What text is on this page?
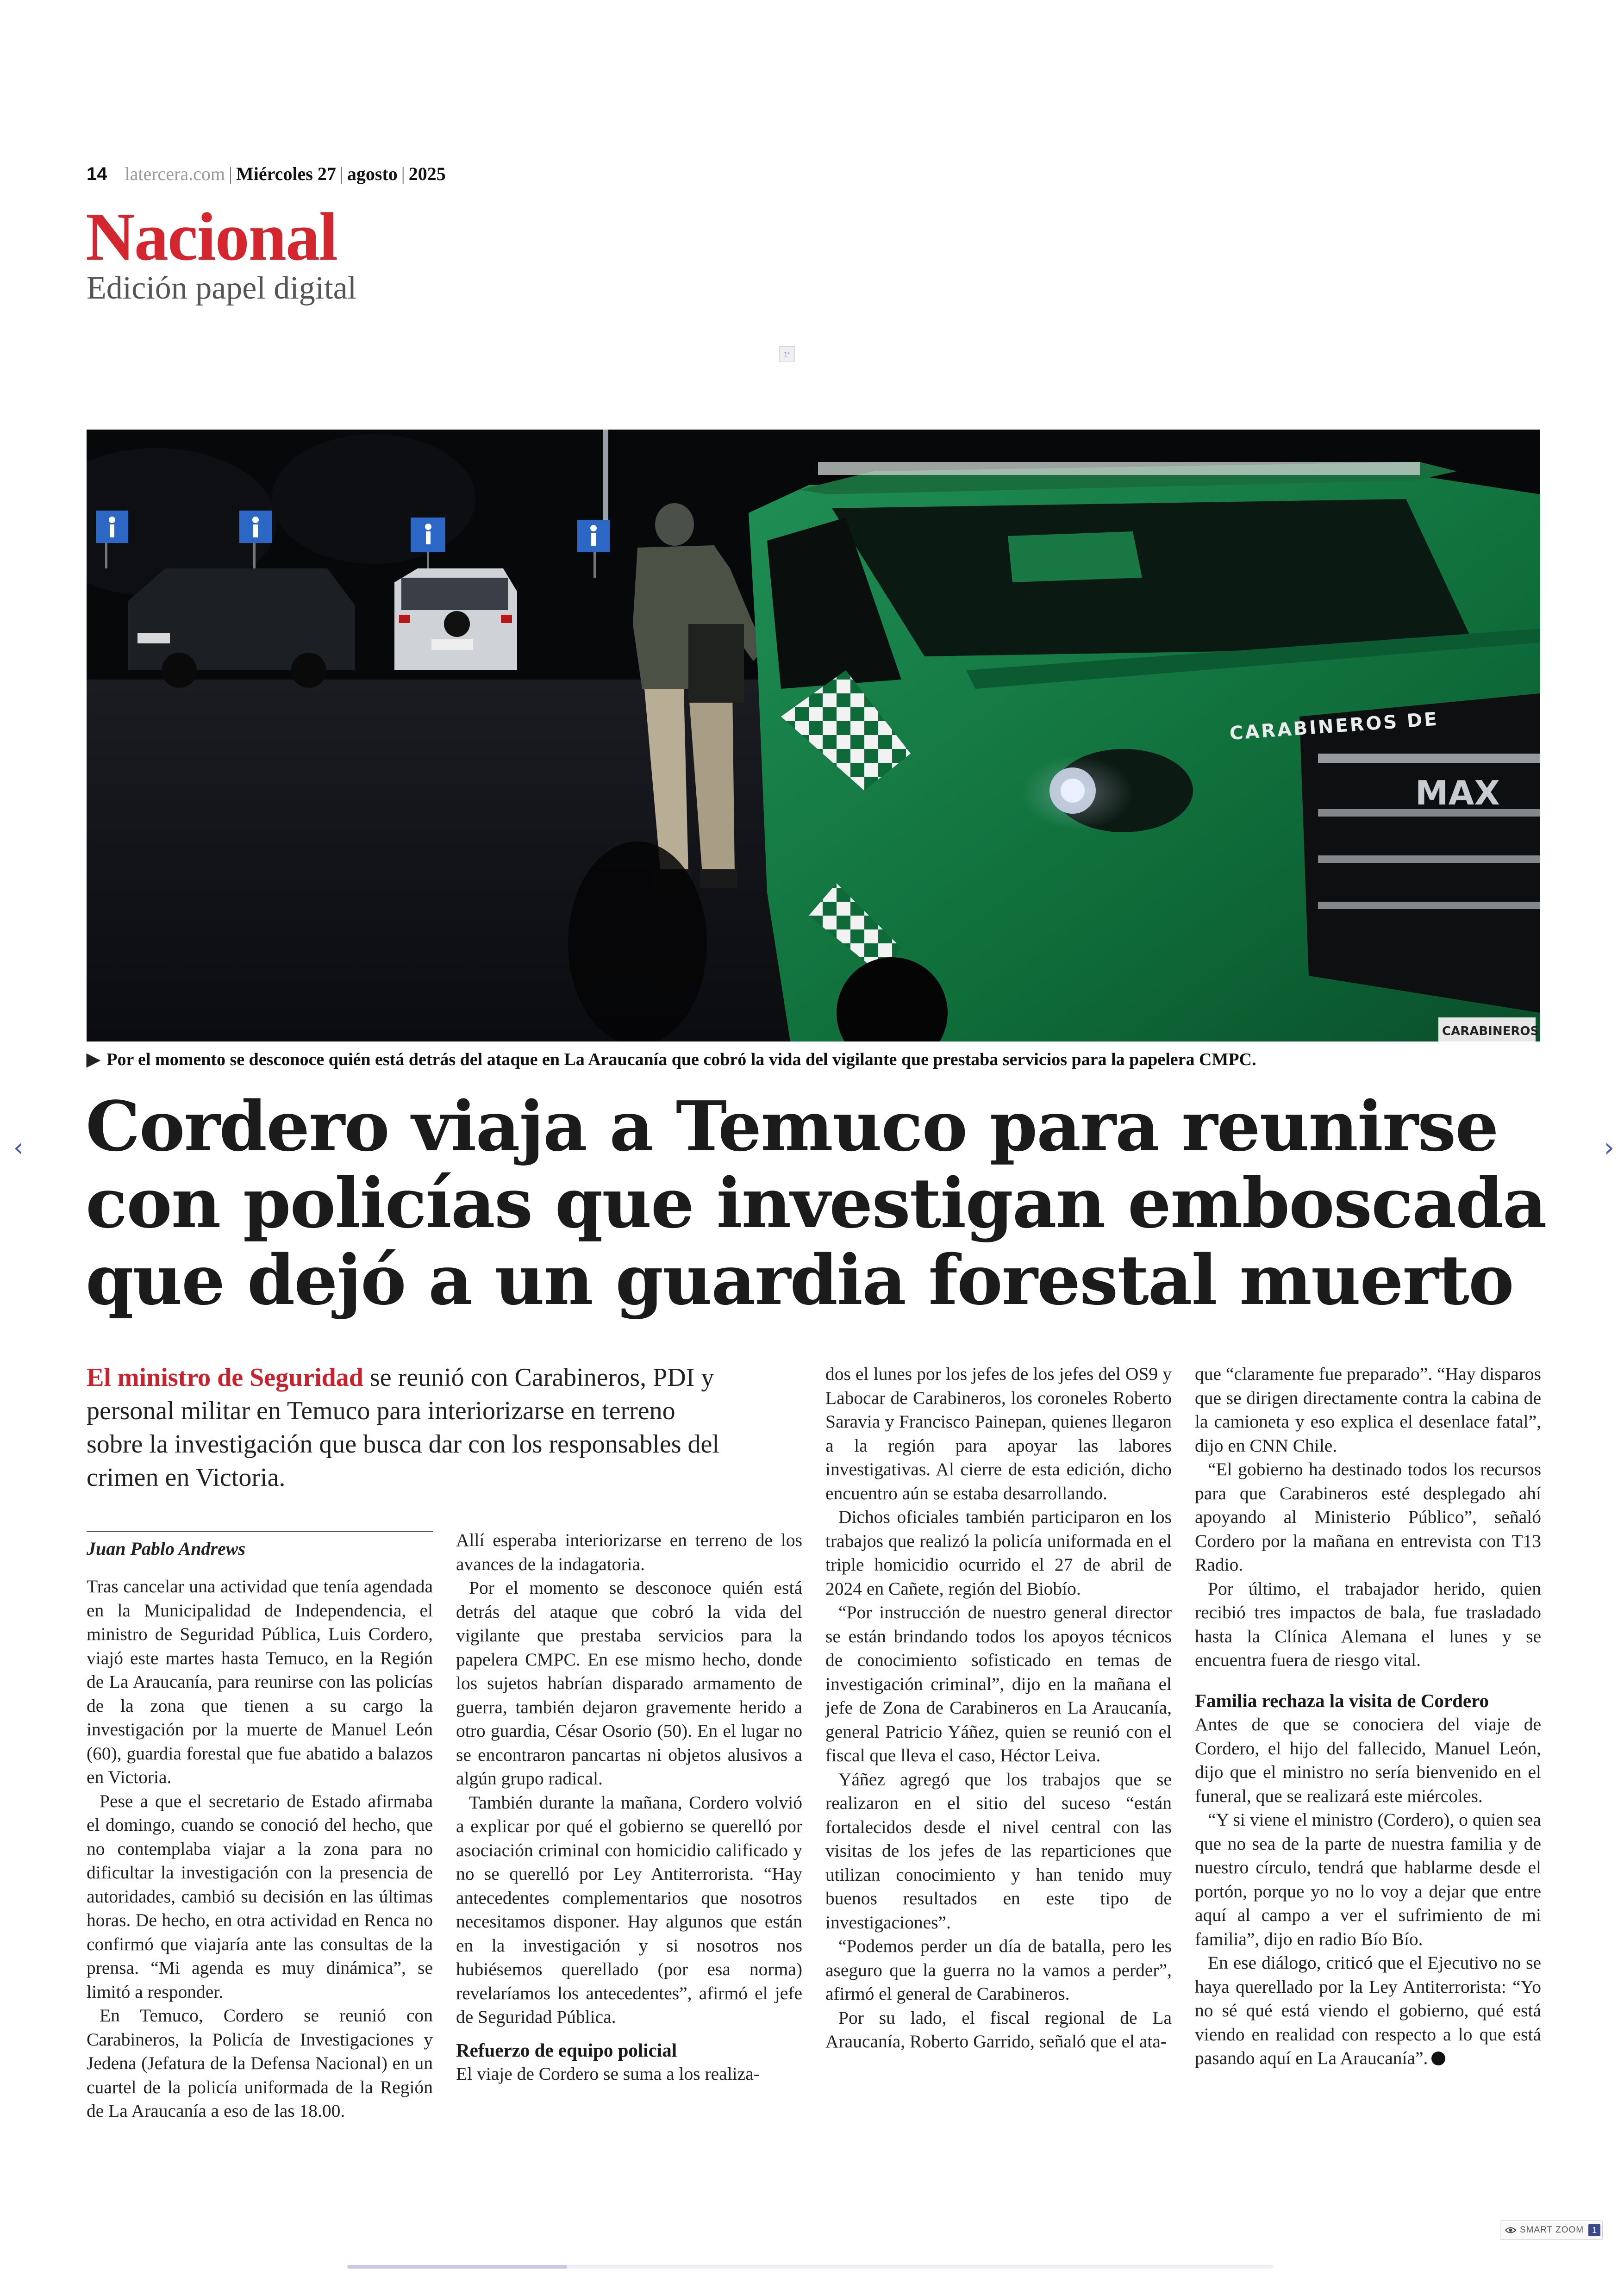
14 latercera.com | Miércoles 27 | agosto | 2025
Nacional
Edición papel digital
1*
MAX
CARABINEROS DE
CARABINEROS
▶ Por el momento se desconoce quién está detrás del ataque en La Araucanía que cobró la vida del vigilante que prestaba servicios para la papelera CMPC.
Cordero viaja a Temuco para reunirse con policías que investigan emboscada que dejó a un guardia forestal muerto

El ministro de Seguridad se reunió con Carabineros, PDI y personal militar en Temuco para interiorizarse en terreno sobre la investigación que busca dar con los responsables del crimen en Victoria.

Juan Pablo Andrews

Tras cancelar una actividad que tenía agendada en la Municipalidad de Independencia, el ministro de Seguridad Pública, Luis Cordero, viajó este martes hasta Temuco, en la Región de La Araucanía, para reunirse con las policías de la zona que tienen a su cargo la investigación por la muerte de Manuel León (60), guardia forestal que fue abatido a balazos en Victoria.

Pese a que el secretario de Estado afirmaba el domingo, cuando se conoció del hecho, que no contemplaba viajar a la zona para no dificultar la investigación con la presencia de autoridades, cambió su decisión en las últimas horas. De hecho, en otra actividad en Renca no confirmó que viajaría ante las consultas de la prensa. “Mi agenda es muy dinámica”, se limitó a responder.

En Temuco, Cordero se reunió con Carabineros, la Policía de Investigaciones y Jedena (Jefatura de la Defensa Nacional) en un cuartel de la policía uniformada de la Región de La Araucanía a eso de las 18.00.

Allí esperaba interiorizarse en terreno de los avances de la indagatoria.

Por el momento se desconoce quién está detrás del ataque que cobró la vida del vigilante que prestaba servicios para la papelera CMPC. En ese mismo hecho, donde los sujetos habrían disparado armamento de guerra, también dejaron gravemente herido a otro guardia, César Osorio (50). En el lugar no se encontraron pancartas ni objetos alusivos a algún grupo radical.

También durante la mañana, Cordero volvió a explicar por qué el gobierno se querelló por asociación criminal con homicidio calificado y no se querelló por Ley Antiterrorista. “Hay antecedentes complementarios que nosotros necesitamos disponer. Hay algunos que están en la investigación y si nosotros nos hubiésemos querellado (por esa norma) revelaríamos los antecedentes”, afirmó el jefe de Seguridad Pública.

Refuerzo de equipo policial

El viaje de Cordero se suma a los realiza-

dos el lunes por los jefes de los jefes del OS9 y Labocar de Carabineros, los coroneles Roberto Saravia y Francisco Painepan, quienes llegaron a la región para apoyar las labores investigativas. Al cierre de esta edición, dicho encuentro aún se estaba desarrollando.

Dichos oficiales también participaron en los trabajos que realizó la policía uniformada en el triple homicidio ocurrido el 27 de abril de 2024 en Cañete, región del Biobío.

“Por instrucción de nuestro general director se están brindando todos los apoyos técnicos de conocimiento sofisticado en temas de investigación criminal”, dijo en la mañana el jefe de Zona de Carabineros en La Araucanía, general Patricio Yáñez, quien se reunió con el fiscal que lleva el caso, Héctor Leiva.

Yáñez agregó que los trabajos que se realizaron en el sitio del suceso “están fortalecidos desde el nivel central con las visitas de los jefes de las reparticiones que utilizan conocimiento y han tenido muy buenos resultados en este tipo de investigaciones”.

“Podemos perder un día de batalla, pero les aseguro que la guerra no la vamos a perder”, afirmó el general de Carabineros.

Por su lado, el fiscal regional de La Araucanía, Roberto Garrido, señaló que el ata-

que “claramente fue preparado”. “Hay disparos que se dirigen directamente contra la cabina de la camioneta y eso explica el desenlace fatal”, dijo en CNN Chile.

“El gobierno ha destinado todos los recursos para que Carabineros esté desplegado ahí apoyando al Ministerio Público”, señaló Cordero por la mañana en entrevista con T13 Radio.

Por último, el trabajador herido, quien recibió tres impactos de bala, fue trasladado hasta la Clínica Alemana el lunes y se encuentra fuera de riesgo vital.

Familia rechaza la visita de Cordero

Antes de que se conociera del viaje de Cordero, el hijo del fallecido, Manuel León, dijo que el ministro no sería bienvenido en el funeral, que se realizará este miércoles.

“Y si viene el ministro (Cordero), o quien sea que no sea de la parte de nuestra familia y de nuestro círculo, tendrá que hablarme desde el portón, porque yo no lo voy a dejar que entre aquí al campo a ver el sufrimiento de mi familia”, dijo en radio Bío Bío.

En ese diálogo, criticó que el Ejecutivo no se haya querellado por la Ley Antiterrorista: “Yo no sé qué está viendo el gobierno, qué está viendo en realidad con respecto a lo que está pasando aquí en La Araucanía”.

‹	›
SMART ZOOM 1
